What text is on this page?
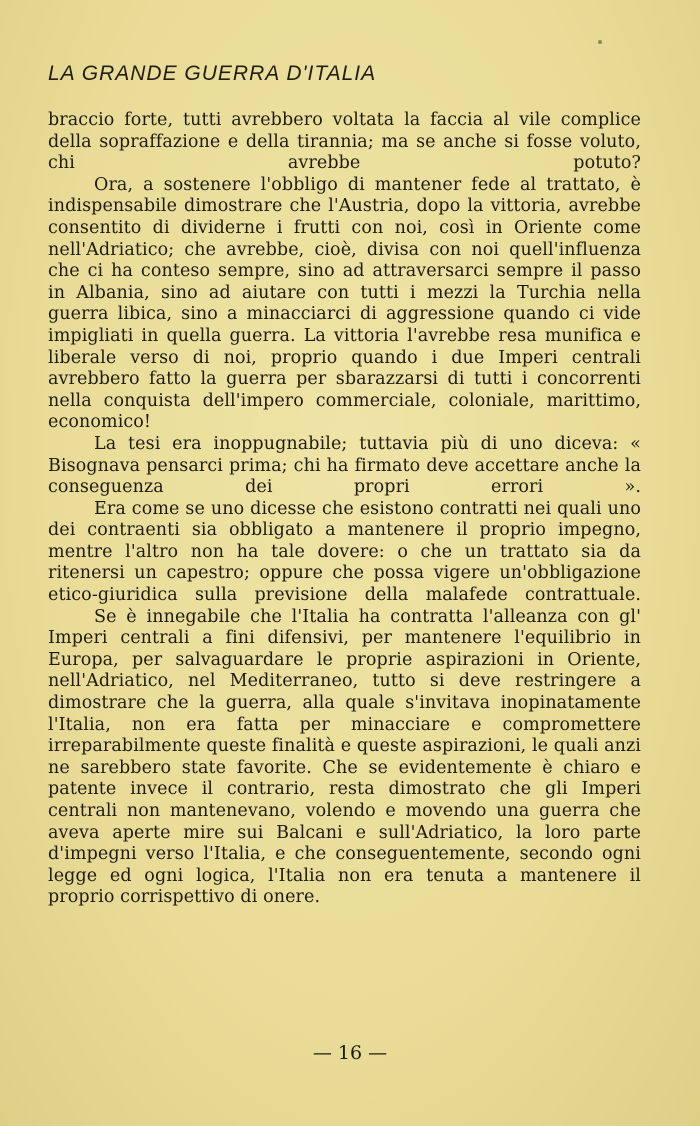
LA GRANDE GUERRA D'ITALIA

braccio forte, tutti avrebbero voltata la faccia al vile complice della sopraffazione e della tirannia; ma se anche si fosse voluto, chi avrebbe potuto?

Ora, a sostenere l'obbligo di mantener fede al trattato, è indispensabile dimostrare che l'Austria, dopo la vittoria, avrebbe consentito di dividerne i frutti con noi, così in Oriente come nell'Adriatico; che avrebbe, cioè, divisa con noi quell'influenza che ci ha conteso sempre, sino ad attraversarci sempre il passo in Albania, sino ad aiutare con tutti i mezzi la Turchia nella guerra libica, sino a minacciarci di aggressione quando ci vide impigliati in quella guerra. La vittoria l'avrebbe resa munifica e liberale verso di noi, proprio quando i due Imperi centrali avrebbero fatto la guerra per sbarazzarsi di tutti i concorrenti nella conquista dell'impero commerciale, coloniale, marittimo, economico!

La tesi era inoppugnabile; tuttavia più di uno diceva: « Bisognava pensarci prima; chi ha firmato deve accettare anche la conseguenza dei propri errori ».

Era come se uno dicesse che esistono contratti nei quali uno dei contraenti sia obbligato a mantenere il proprio impegno, mentre l'altro non ha tale dovere: o che un trattato sia da ritenersi un capestro; oppure che possa vigere un'obbligazione etico-giuridica sulla previsione della malafede contrattuale.

Se è innegabile che l'Italia ha contratta l'alleanza con gl' Imperi centrali a fini difensivi, per mantenere l'equilibrio in Europa, per salvaguardare le proprie aspirazioni in Oriente, nell'Adriatico, nel Mediterraneo, tutto si deve restringere a dimostrare che la guerra, alla quale s'invitava inopinatamente l'Italia, non era fatta per minacciare e compromettere irreparabilmente queste finalità e queste aspirazioni, le quali anzi ne sarebbero state favorite. Che se evidentemente è chiaro e patente invece il contrario, resta dimostrato che gli Imperi centrali non mantenevano, volendo e movendo una guerra che aveva aperte mire sui Balcani e sull'Adriatico, la loro parte d'impegni verso l'Italia, e che conseguentemente, secondo ogni legge ed ogni logica, l'Italia non era tenuta a mantenere il proprio corrispettivo di onere.

— 16 —
